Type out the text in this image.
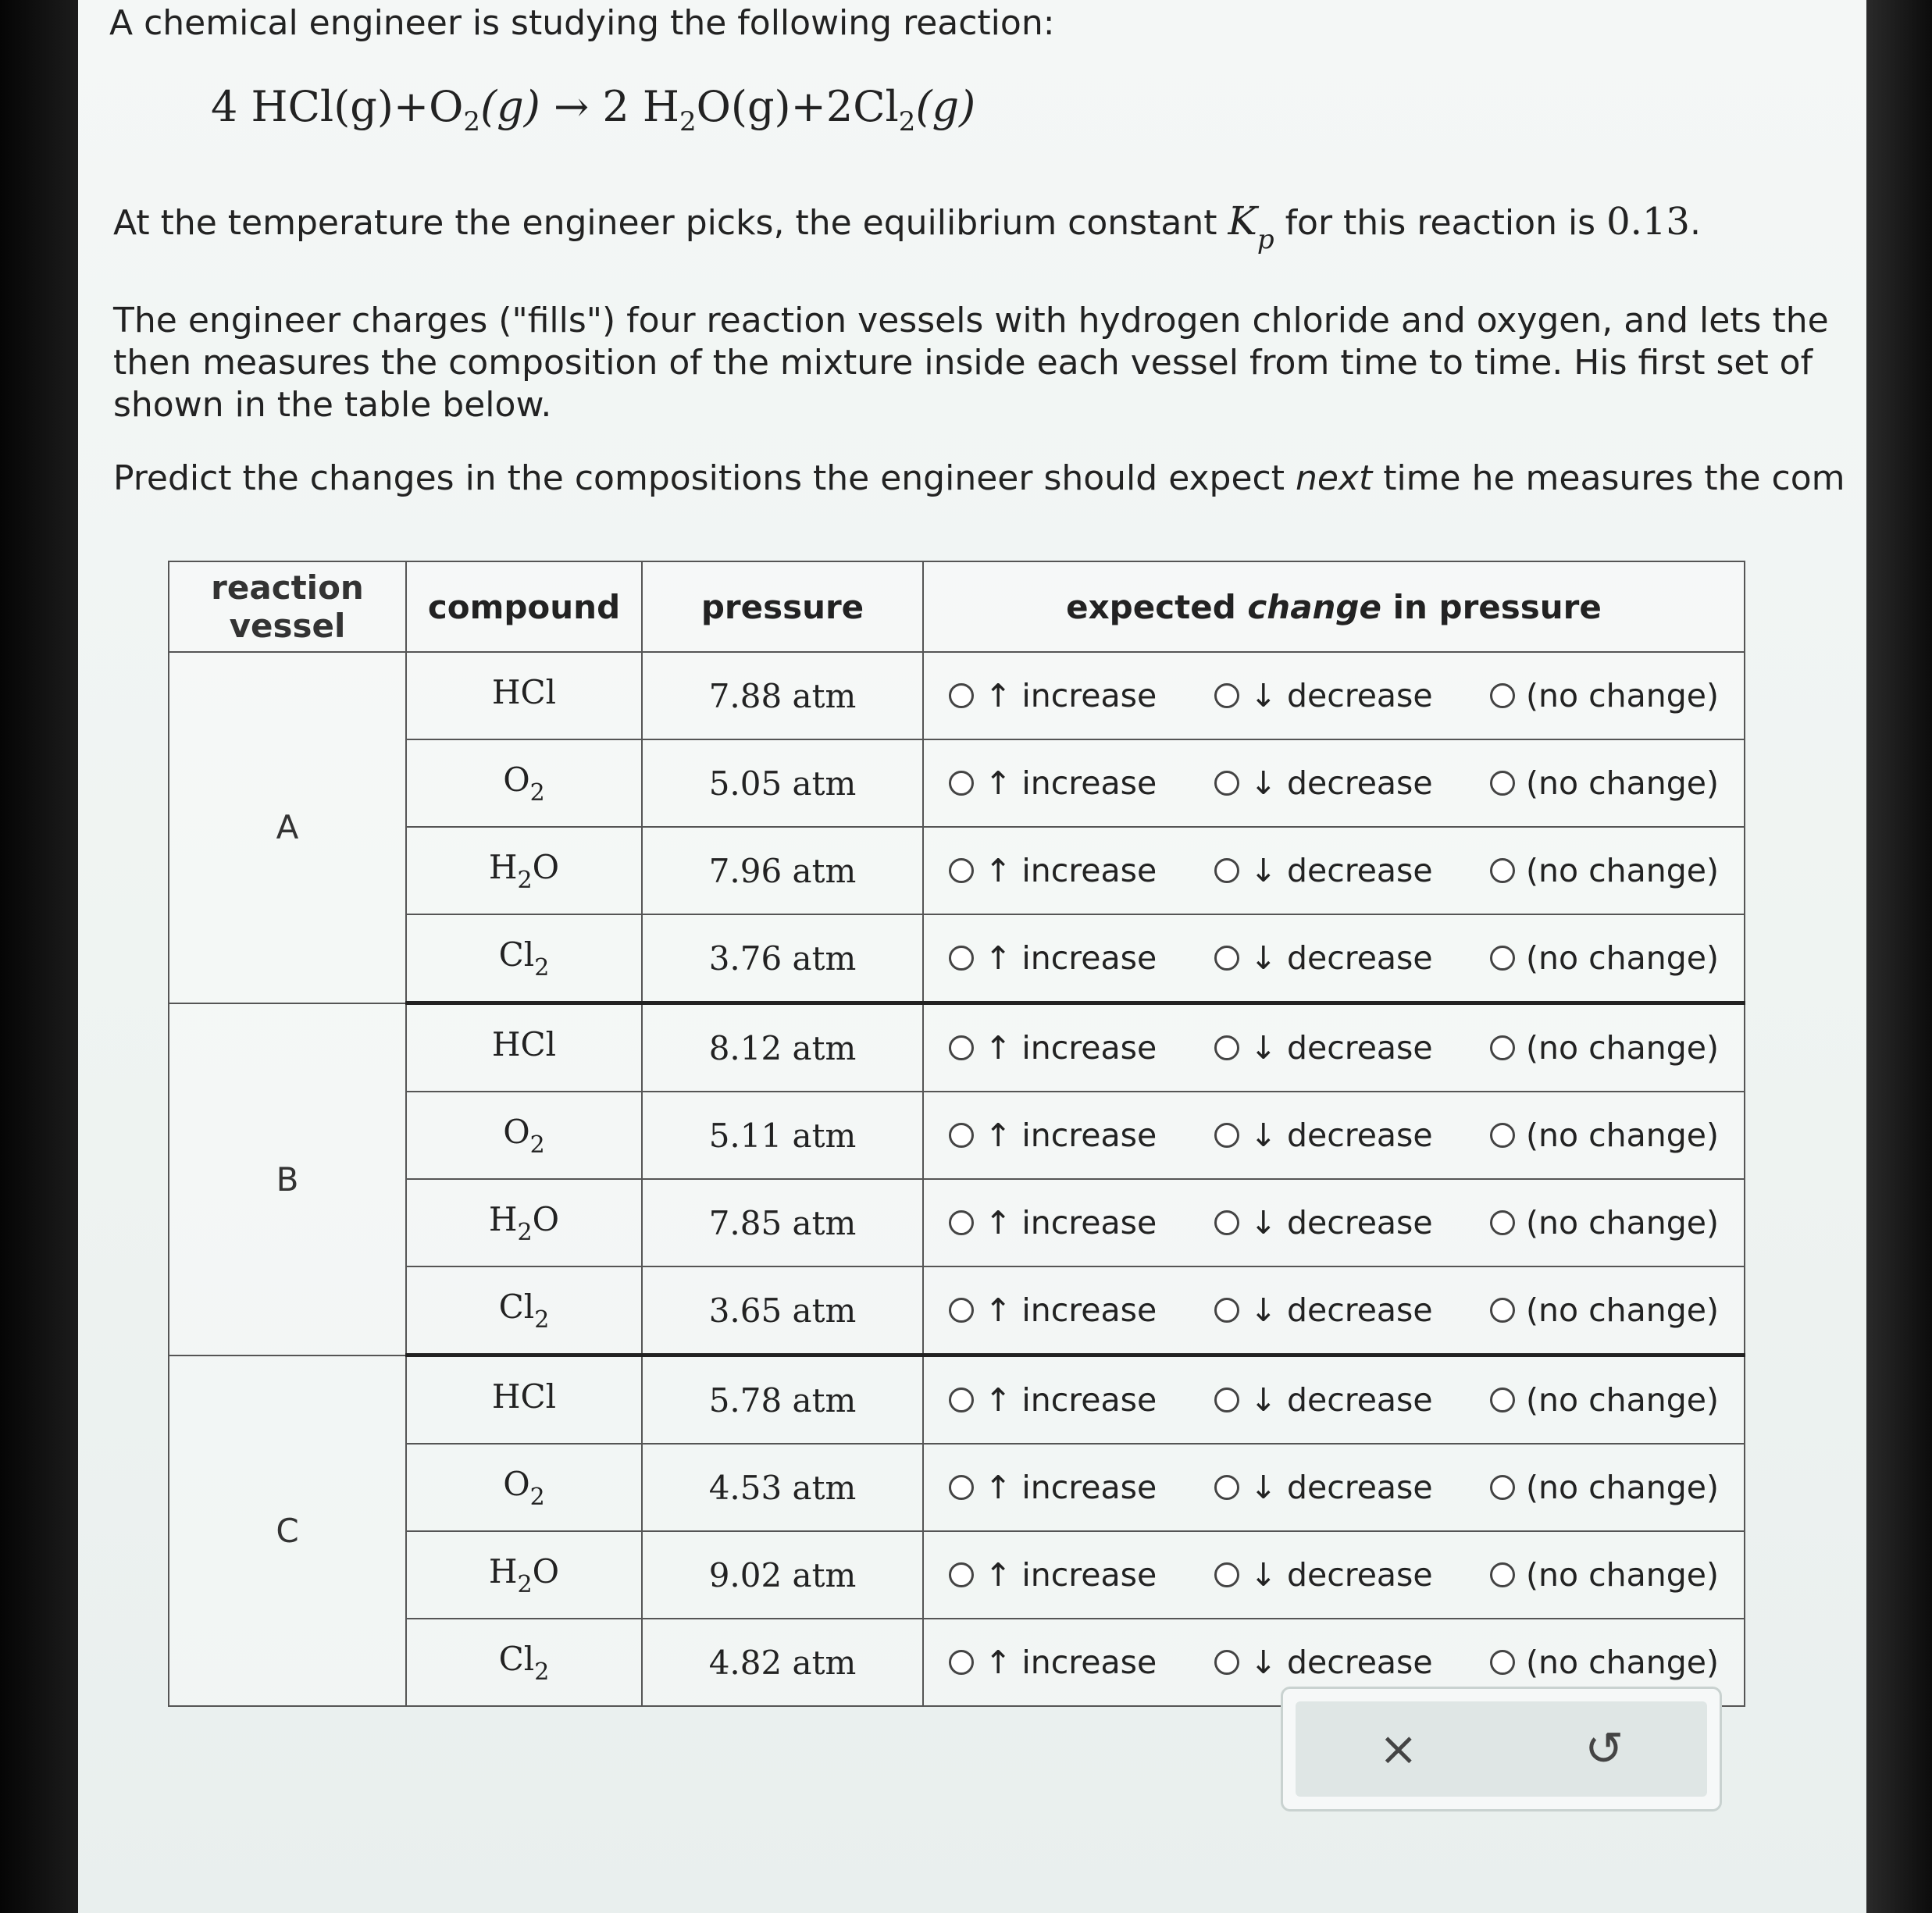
A chemical engineer is studying the following reaction:
4 $HCl(g)+O_2(g) \to 2$ $H_2O(g)+2Cl_2(g)$
At the temperature the engineer picks, the equilibrium constant $K_p$ for this reaction is 0.13.
The engineer charges ("fills") four reaction vessels with hydrogen chloride and oxygen, and lets the
then measures the composition of the mixture inside each vessel from time to time. His first set of
shown in the table below.
Predict the changes in the compositions the engineer should expect next time he measures the com
reaction
vessel	compound	pressure	expected change in pressure
A	HCl	7.88 atm	↑ increase ↓ decrease (no change)

	$O_2$	5.05 atm	↑ increase ↓ decrease (no change)

	$H_2O$	7.96 atm	↑ increase ↓ decrease (no change)

	$Cl_2$	3.76 atm	↑ increase ↓ decrease (no change)

B	HCl	8.12 atm	↑ increase ↓ decrease (no change)

	$O_2$	5.11 atm	↑ increase ↓ decrease (no change)

	$H_2O$	7.85 atm	↑ increase ↓ decrease (no change)

	$Cl_2$	3.65 atm	↑ increase ↓ decrease (no change)

C	HCl	5.78 atm	↑ increase ↓ decrease (no change)

	$O_2$	4.53 atm	↑ increase ↓ decrease (no change)

	$H_2O$	9.02 atm	↑ increase ↓ decrease (no change)

	$Cl_2$	4.82 atm	↑ increase ↓ decrease (no change)
×	↺
